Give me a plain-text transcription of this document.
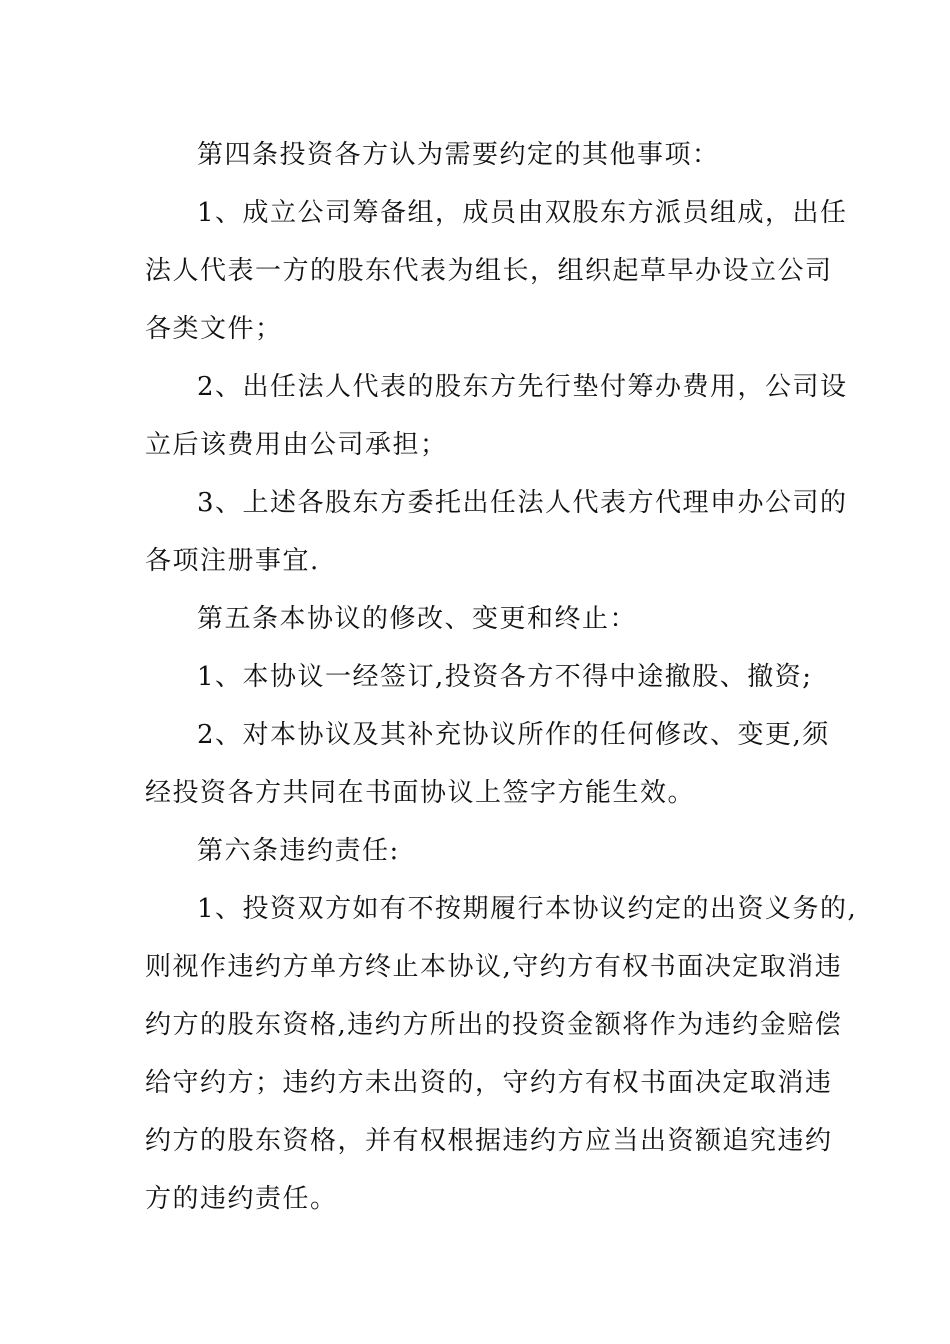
第四条投资各方认为需要约定的其他事项：
1、成立公司筹备组，成员由双股东方派员组成，出任
法人代表一方的股东代表为组长，组织起草早办设立公司
各类文件；
2、出任法人代表的股东方先行垫付筹办费用，公司设
立后该费用由公司承担；
3、上述各股东方委托出任法人代表方代理申办公司的
各项注册事宜.
第五条本协议的修改、变更和终止：
1、本协议一经签订,投资各方不得中途撤股、撤资;
2、对本协议及其补充协议所作的任何修改、变更,须
经投资各方共同在书面协议上签字方能生效。
第六条违约责任:
1、投资双方如有不按期履行本协议约定的出资义务的,
则视作违约方单方终止本协议,守约方有权书面决定取消违
约方的股东资格,违约方所出的投资金额将作为违约金赔偿
给守约方；违约方未出资的，守约方有权书面决定取消违
约方的股东资格，并有权根据违约方应当出资额追究违约
方的违约责任。
